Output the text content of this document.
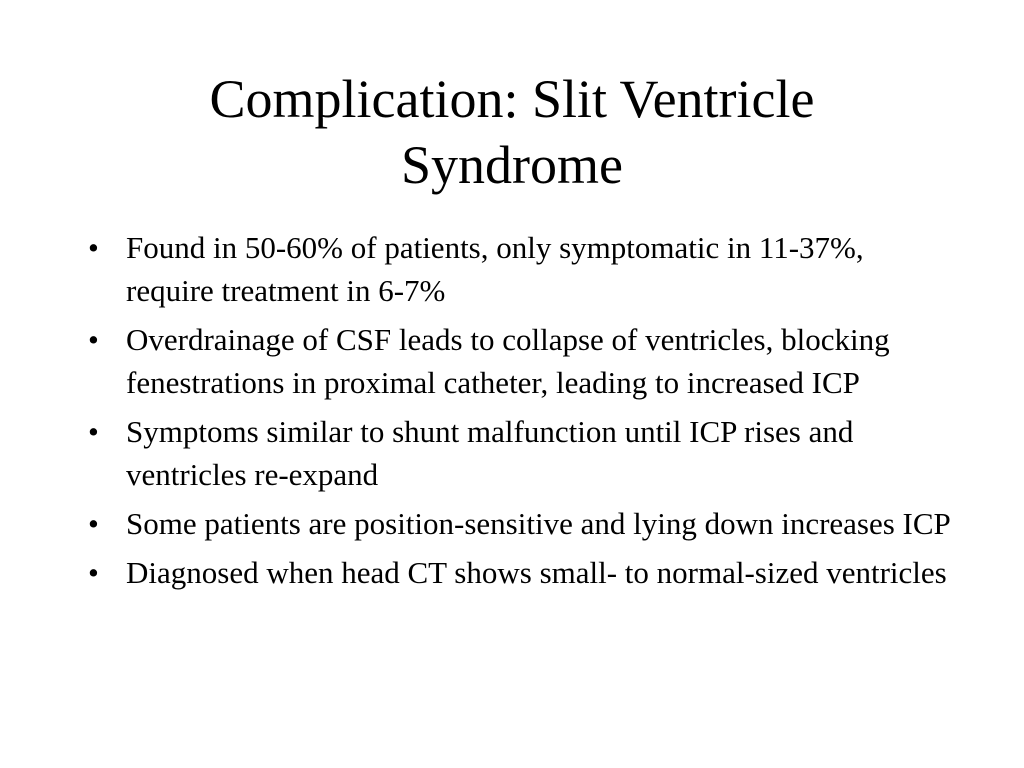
Complication: Slit Ventricle
Syndrome
• Found in 50-60% of patients, only symptomatic in 11-37%, require treatment in 6-7%
• Overdrainage of CSF leads to collapse of ventricles, blocking fenestrations in proximal catheter, leading to increased ICP
• Symptoms similar to shunt malfunction until ICP rises and ventricles re-expand
• Some patients are position-sensitive and lying down increases ICP
• Diagnosed when head CT shows small- to normal-sized ventricles
